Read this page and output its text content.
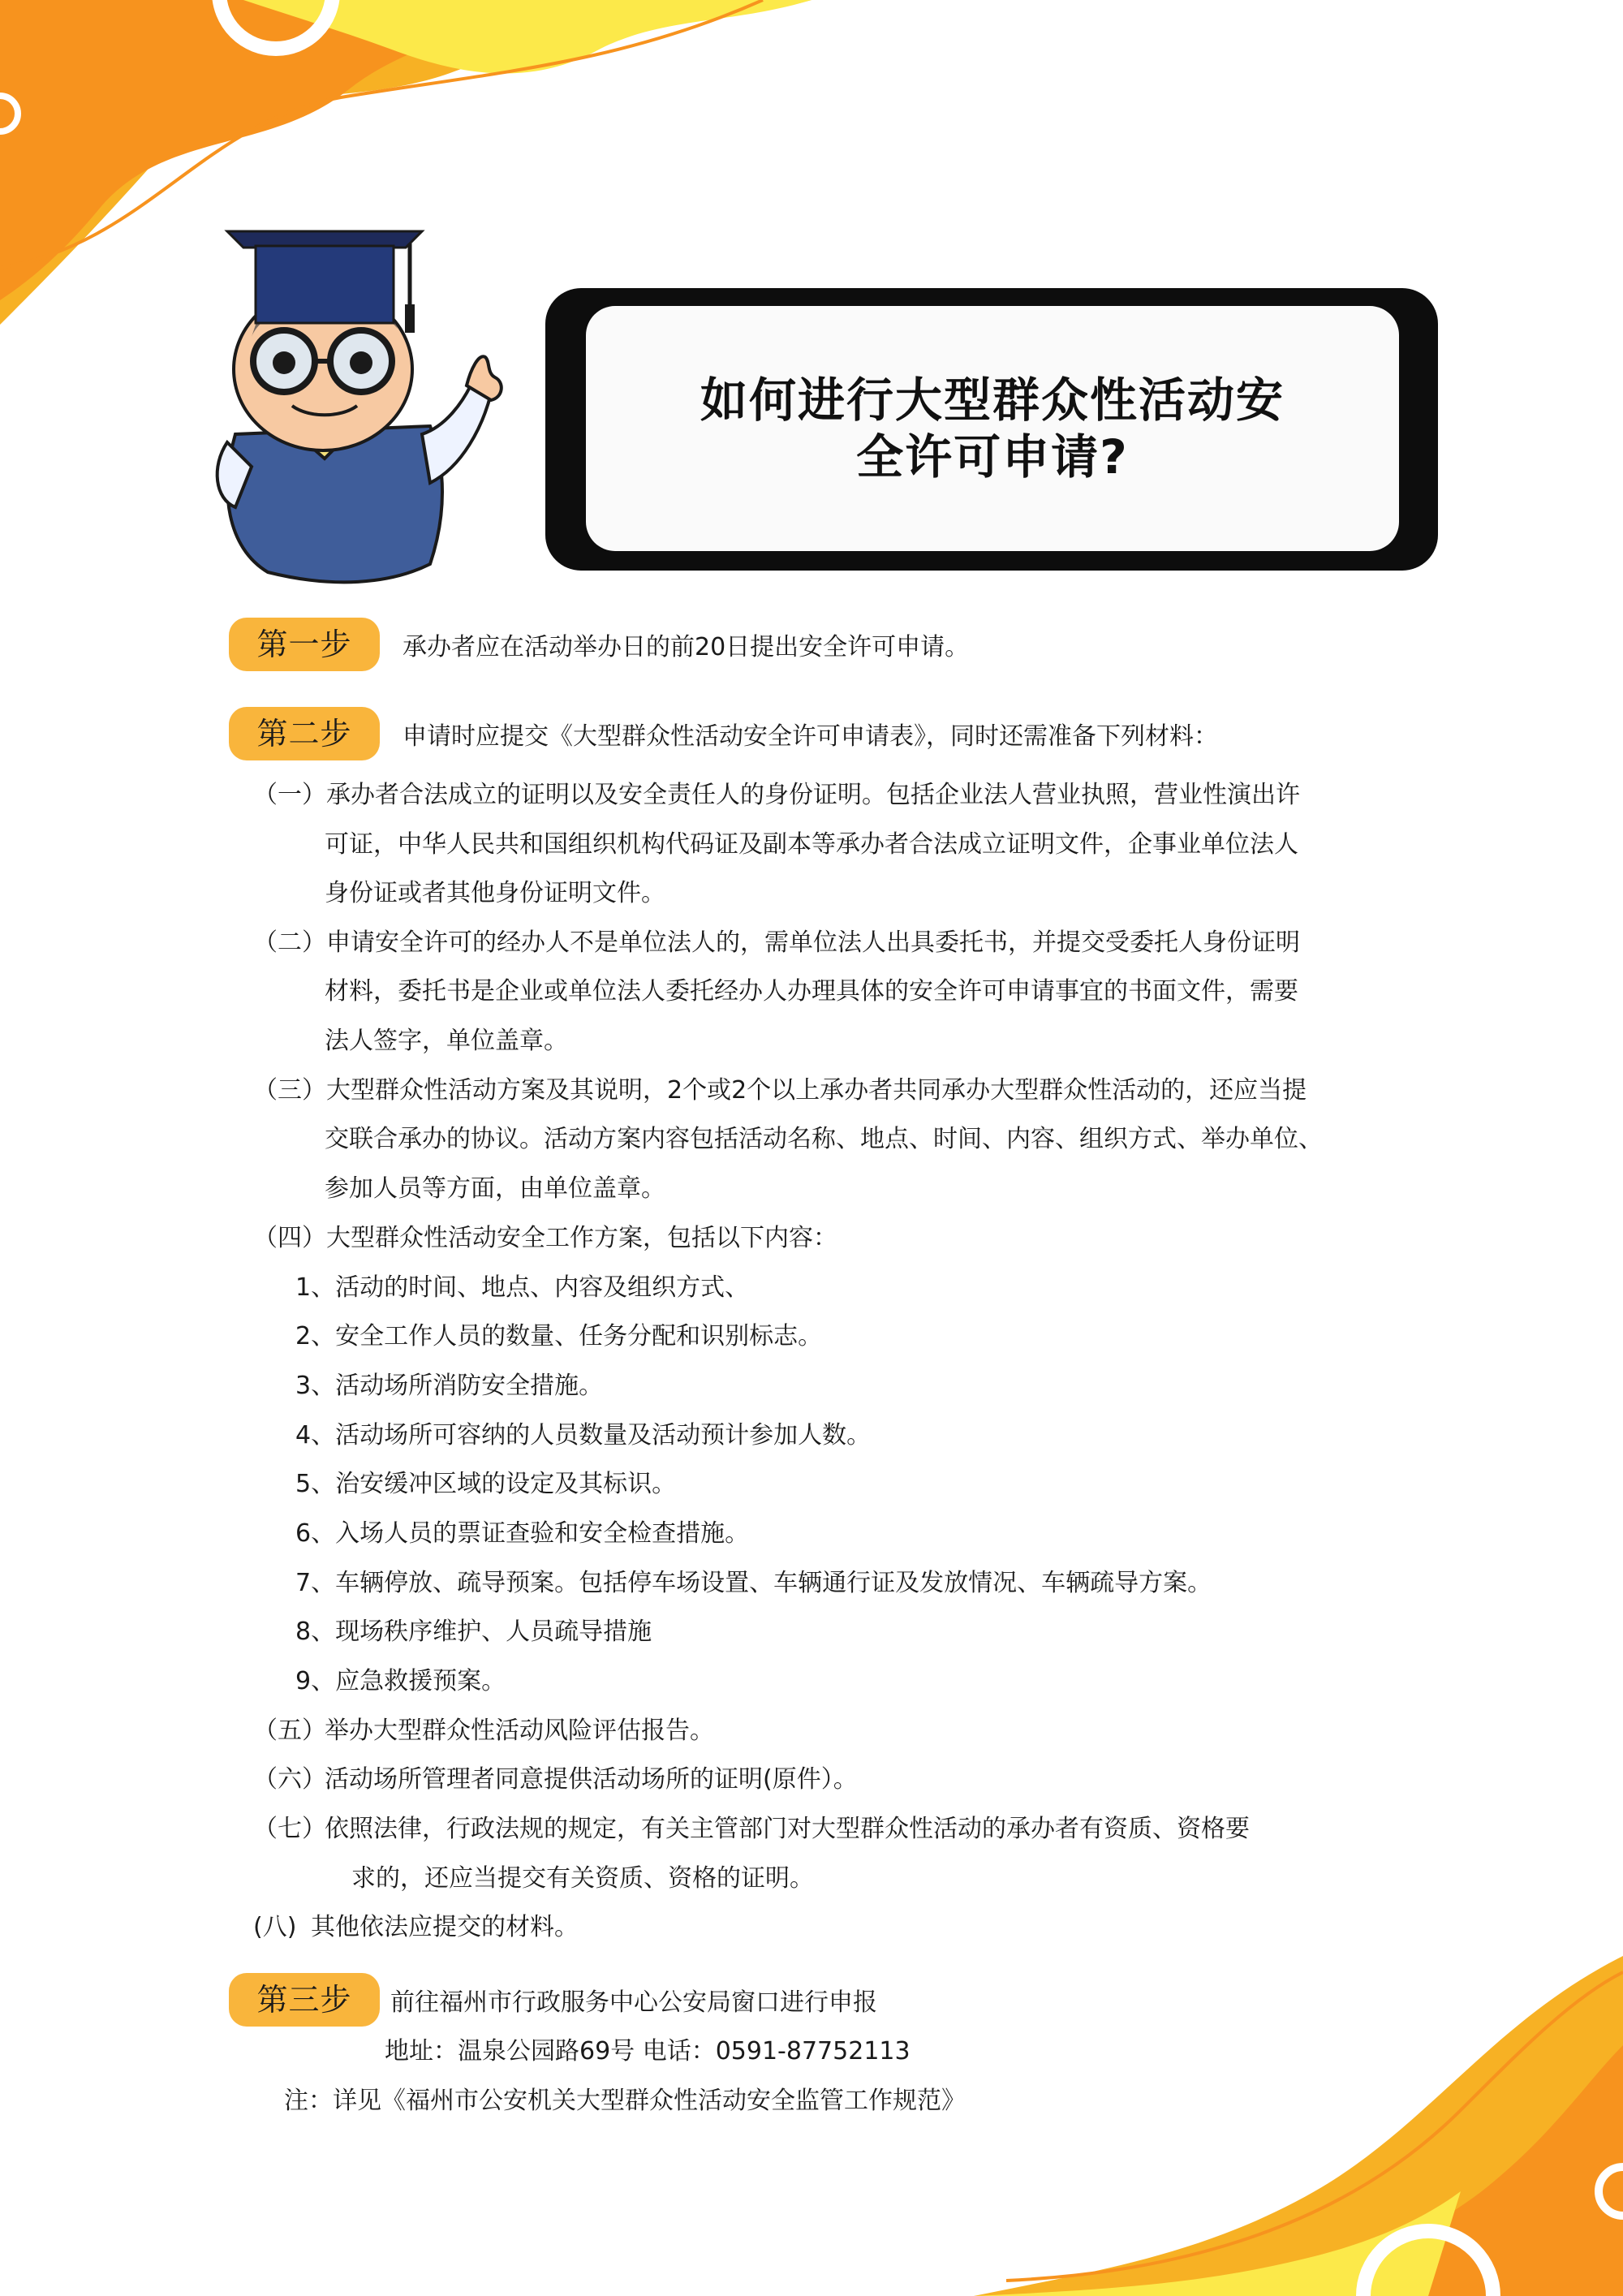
如何进行大型群众性活动安全许可申请?
第一步	承办者应在活动举办日的前20日提出安全许可申请。
第二步	申请时应提交《大型群众性活动安全许可申请表》，同时还需准备下列材料：
（一） 承办者合法成立的证明以及安全责任人的身份证明。包括企业法人营业执照，营业性演出许
可证，中华人民共和国组织机构代码证及副本等承办者合法成立证明文件，企事业单位法人
身份证或者其他身份证明文件。
（二） 申请安全许可的经办人不是单位法人的，需单位法人出具委托书，并提交受委托人身份证明
材料，委托书是企业或单位法人委托经办人办理具体的安全许可申请事宜的书面文件，需要
法人签字，单位盖章。
（三） 大型群众性活动方案及其说明，2个或2个以上承办者共同承办大型群众性活动的，还应当提
交联合承办的协议。活动方案内容包括活动名称、地点、时间、内容、组织方式、举办单位、
参加人员等方面，由单位盖章。
（四） 大型群众性活动安全工作方案，包括以下内容：
1、活动的时间、地点、内容及组织方式、
2、安全工作人员的数量、任务分配和识别标志。
3、活动场所消防安全措施。
4、活动场所可容纳的人员数量及活动预计参加人数。
5、治安缓冲区域的设定及其标识。
6、入场人员的票证查验和安全检查措施。
7、车辆停放、疏导预案。包括停车场设置、车辆通行证及发放情况、车辆疏导方案。
8、现场秩序维护、人员疏导措施
9、应急救援预案。
（五）
举办大型群众性活动风险评估报告。
（六）
活动场所管理者同意提供活动场所的证明(原件）。
（七）
依照法律，行政法规的规定，有关主管部门对大型群众性活动的承办者有资质、资格要
求的，还应当提交有关资质、资格的证明。
(八) 其他依法应提交的材料。
第三步	前往福州市行政服务中心公安局窗口进行申报
地址：温泉公园路69号 电话：0591-87752113
注：详见《福州市公安机关大型群众性活动安全监管工作规范》
